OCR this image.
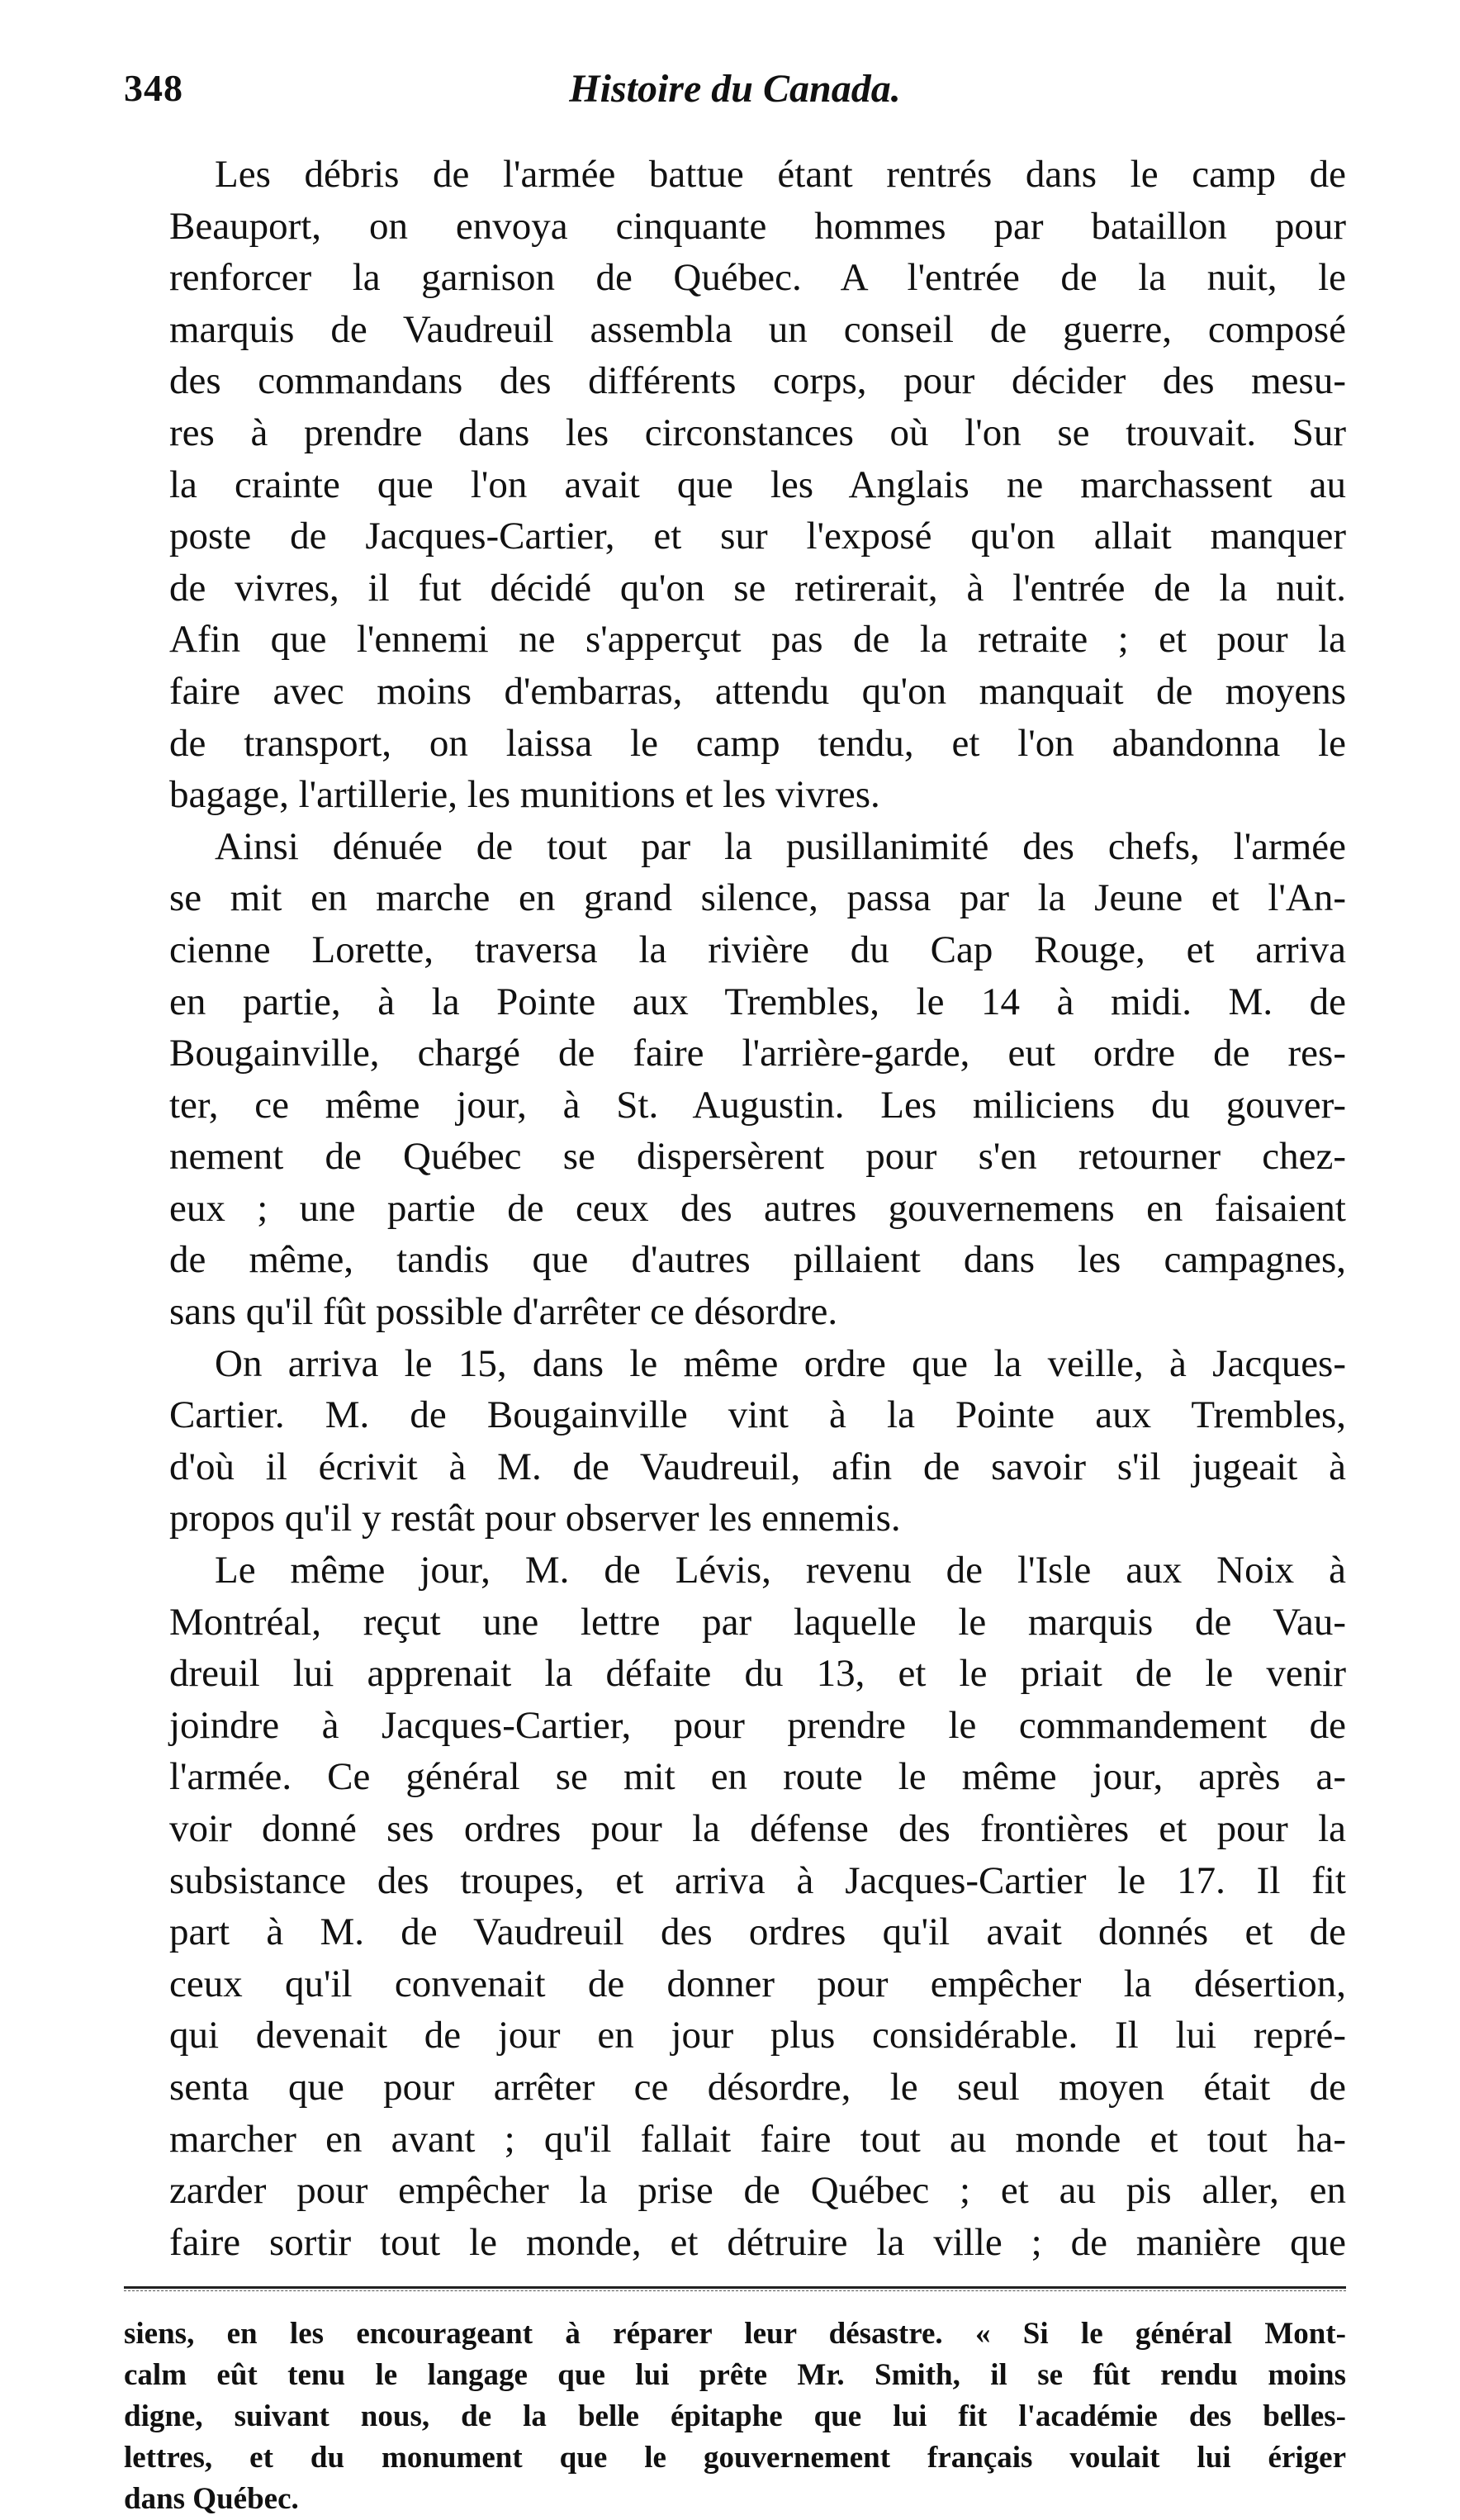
348	Histoire du Canada.

Les débris de l'armée battue étant rentrés dans le camp de
Beauport, on envoya cinquante hommes par bataillon pour
renforcer la garnison de Québec. A l'entrée de la nuit, le
marquis de Vaudreuil assembla un conseil de guerre, composé
des commandans des différents corps, pour décider des mesu-
res à prendre dans les circonstances où l'on se trouvait. Sur
la crainte que l'on avait que les Anglais ne marchassent au
poste de Jacques-Cartier, et sur l'exposé qu'on allait manquer
de vivres, il fut décidé qu'on se retirerait, à l'entrée de la nuit.
Afin que l'ennemi ne s'apperçut pas de la retraite ; et pour la
faire avec moins d'embarras, attendu qu'on manquait de moyens
de transport, on laissa le camp tendu, et l'on abandonna le
bagage, l'artillerie, les munitions et les vivres.

Ainsi dénuée de tout par la pusillanimité des chefs, l'armée
se mit en marche en grand silence, passa par la Jeune et l'An-
cienne Lorette, traversa la rivière du Cap Rouge, et arriva
en partie, à la Pointe aux Trembles, le 14 à midi. M. de
Bougainville, chargé de faire l'arrière-garde, eut ordre de res-
ter, ce même jour, à St. Augustin. Les miliciens du gouver-
nement de Québec se dispersèrent pour s'en retourner chez-
eux ; une partie de ceux des autres gouvernemens en faisaient
de même, tandis que d'autres pillaient dans les campagnes,
sans qu'il fût possible d'arrêter ce désordre.

On arriva le 15, dans le même ordre que la veille, à Jacques-
Cartier. M. de Bougainville vint à la Pointe aux Trembles,
d'où il écrivit à M. de Vaudreuil, afin de savoir s'il jugeait à
propos qu'il y restât pour observer les ennemis.

Le même jour, M. de Lévis, revenu de l'Isle aux Noix à
Montréal, reçut une lettre par laquelle le marquis de Vau-
dreuil lui apprenait la défaite du 13, et le priait de le venir
joindre à Jacques-Cartier, pour prendre le commandement de
l'armée. Ce général se mit en route le même jour, après a-
voir donné ses ordres pour la défense des frontières et pour la
subsistance des troupes, et arriva à Jacques-Cartier le 17. Il fit
part à M. de Vaudreuil des ordres qu'il avait donnés et de
ceux qu'il convenait de donner pour empêcher la désertion,
qui devenait de jour en jour plus considérable. Il lui repré-
senta que pour arrêter ce désordre, le seul moyen était de
marcher en avant ; qu'il fallait faire tout au monde et tout ha-
zarder pour empêcher la prise de Québec ; et au pis aller, en
faire sortir tout le monde, et détruire la ville ; de manière que

siens, en les encourageant à réparer leur désastre. « Si le général Mont-
calm eût tenu le langage que lui prête Mr. Smith, il se fût rendu moins
digne, suivant nous, de la belle épitaphe que lui fit l'académie des belles-
lettres, et du monument que le gouvernement français voulait lui ériger
dans Québec.
